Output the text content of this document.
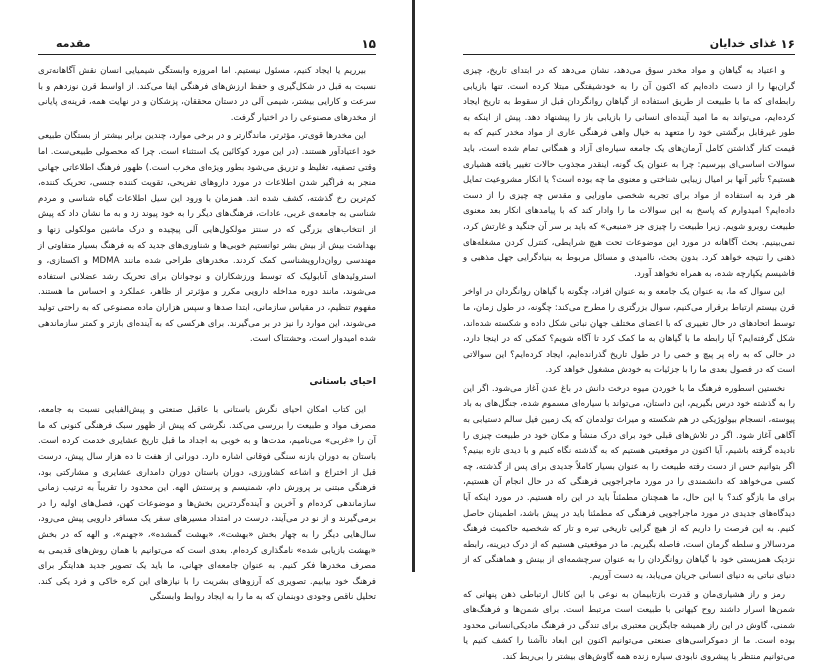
۱۵
مقدمه

بیرریم یا ایجاد کنیم، مسئول نیستیم. اما امروزه وابستگی شیمیایی انسان نقش آگاهانه‌تری نسبت به قبل در شکل‌گیری و حفظ ارزش‌های فرهنگی ایفا می‌کند. از اواسط قرن نوزدهم و با سرعت و کارایی بیشتر، شیمی آلی در دستان محققان، پزشکان و در نهایت همه، قرینه‌ی پایانی از مخدرهای مصنوعی را در اختیار گرفت.

این مخدرها قوی‌تر، مؤثرتر، ماندگارتر و در برخی موارد، چندین برابر بیشتر از بستگان طبیعی خود اعتیادآور هستند. (در این مورد کوکائین یک استثناء است. چرا که محصولی طبیعی‌ست. اما وقتی تصفیه، تغلیظ و تزریق می‌شود بطور ویژه‌ای مخرب است.) ظهور فرهنگ اطلاعاتی جهانی منجر به فراگیر شدن اطلاعات در مورد داروهای تفریحی، تقویت کننده جنسی، تحریک کننده، کم‌ترین رخ گذشته، کشف شده اند. همزمان با ورود این سیل اطلاعات گیاه شناسی و مردم شناسی به جامعه‌ی غربی، عادات، فرهنگ‌های دیگر را به خود پیوند زد و به ما نشان داد که پیش از انتخاب‌های بزرگی که در سنتز مولکول‌هایی آلی پیچیده و درک ماشین مولکولی زنها و بهداشت بیش از بیش بشر توانستیم خوبی‌ها و شناوری‌های جدید که به فرهنگ بسیار متفاوتی از مهندسی روان‌دارویشناسی کمک کردند. مخدرهای طراحی شده مانند MDMA و اکستازی، و استروئیدهای آنابولیک که توسط ورزشکاران و نوجوانان برای تحریک رشد عضلانی استفاده می‌شوند، مانند دوره مداخله دارویی مکرر و مؤثرتر از ظاهر، عملکرد و احساس ما هستند. مفهوم تنظیم، در مقیاس سازمانی، ابتدا صدها و سپس هزاران ماده مصنوعی که به راحتی تولید می‌شوند، این موارد را نیز در بر می‌گیرند. برای هرکسی که به آینده‌ای بازتر و کمتر سازماندهی شده امیدوار است، وحشتناک است.

احیای باستانی

این کتاب امکان احیای نگرش باستانی با عاقبل صنعتی و پیش‌الفبایی نسبت به جامعه، مصرف مواد و طبیعت را بررسی می‌کند. نگرشی که پیش از ظهور سبک فرهنگی کنونی که ما آن را «غربی» می‌نامیم، مدت‌ها و به خوبی به اجداد ما قبل تاریخ عشایری خدمت کرده است. باستان به دوران بازنه سنگی فوقانی اشاره دارد. دورانی از هفت تا ده هزار سال پیش، درست قبل از اختراع و اشاعه کشاورزی، دوران باستان دوران دامداری عشایری و مشارکتی بود، فرهنگی مبتنی بر پرورش دام، شمنیسم و پرستش الهه. این محدود را تقریباً به ترتیب زمانی سازماندهی کرده‌ام و آخرین و آینده‌گردترین بخش‌ها و موضوعات کهن، فصل‌های اولیه را در برمی‌گیرند و از نو در می‌آیند، درست در امتداد مسیرهای سفر یک مسافر دارویی پیش می‌رود، سال‌هایی دیگر را به چهار بخش «بهشت»، «بهشت گمشده»، «جهنم»، و الهه که در بخش «بهشت بازیابی شده» نامگذاری کرده‌ام. بعدی است که می‌توانیم با همان روش‌های قدیمی به مصرف مخدرها فکر کنیم. به عنوان جامعه‌ای جهانی، ما باید یک تصویر جدید هدایتگر برای فرهنگ خود بیابیم. تصویری که آرزوهای بشریت را با نیازهای این کره خاکی و فرد یکی کند. تحلیل ناقص وجودی دوبنمان که به ما را به ایجاد روابط وابستگی

۱۶
غذای خدایان

و اعتیاد به گیاهان و مواد مخدر سوق می‌دهد، نشان می‌دهد که در ابتدای تاریخ، چیزی گران‌بها را از دست داده‌ایم که اکنون آن را به خودشیفتگی مبتلا کرده است. تنها بازیابی رابطه‌ای که ما با طبیعت از طریق استفاده از گیاهان روانگردان قبل از سقوط به تاریخ ایجاد کرده‌ایم، می‌تواند به ما امید آینده‌ای انسانی را بازیابی باز را پیشنهاد دهد. پیش از اینکه به طور غیرقابل برگشتی خود را متعهد به خیال واهی فرهنگی عاری از مواد مخدر کنیم که به قیمت کنار گذاشتن کامل آرمان‌های یک جامعه سیاره‌ای آزاد و همگانی تمام شده است، باید سوالات اساسی‌ای بپرسیم: چرا به عنوان یک گونه، اینقدر مجذوب حالات تغییر یافته هشیاری هستیم؟ تأثیر آنها بر امیال زیبایی شناختی و معنوی ما چه بوده است؟ یا انکار مشروعیت تمایل هر فرد به استفاده از مواد برای تجربه شخصی ماورایی و مقدس چه چیزی را از دست داده‌ایم؟ امیدوارم که پاسخ به این سوالات ما را وادار کند که با پیامدهای انکار بعد معنوی طبیعت روبرو شویم. زیرا طبیعت را چیزی جز «منبعی» که باید بر سر آن جنگید و غارتش کرد، نمی‌بینیم. بحث آگاهانه در مورد این موضوعات تحت هیچ شرایطی، کنترل کردن مشغله‌های ذهنی را نتیجه خواهد کرد. بدون بحث، ناامیدی و مسائل مربوط به بنیادگرایی جهل مذهبی و فاشیسم یکپارچه شده، به همراه نخواهد آورد.

این سوال که ما، به عنوان یک جامعه و به عنوان افراد، چگونه با گیاهان روانگردان در اواخر قرن بیستم ارتباط برقرار می‌کنیم، سوال بزرگتری را مطرح می‌کند: چگونه، در طول زمان، ما توسط اتحادهای در حال تغییری که با اعضای مختلف جهان نباتی شکل داده و شکسته شده‌اند، شکل گرفته‌ایم؟ آیا رابطه ما با گیاهان به ما کمک کرد تا آگاه شویم؟ کمکی که در اینجا دارد، در حالی که به راه پر پیچ و خمی را در طول تاریخ گذرانده‌ایم، ایجاد کرده‌ایم؟ این سوالاتی است که در فصول بعدی ما را با جزئیات به خودش مشغول خواهد کرد.

نخستین اسطوره فرهنگ ما با خوردن میوه درخت دانش در باغ عدن آغاز می‌شود. اگر این را به گذشته خود درس بگیریم، این داستان، می‌تواند با سیاره‌ای مسموم شده، جنگل‌های به باد پیوسته، انسجام بیولوژیکی در هم شکسته و میراث تولدمان که یک زمین فیل سالم دستیابی به آگاهی آغاز شود. اگر در تلاش‌های قبلی خود برای درک منشأ و مکان خود در طبیعت چیزی را نادیده گرفته باشیم، آیا اکنون در موقعیتی هستیم که به گذشته نگاه کنیم و با دیدی تازه بینیم؟ اگر بتوانیم حس از دست رفته طبیعت را به عنوان بسیار کاملاً جدیدی برای پس از گذشته، چه کسی می‌خواهد که دانشمندی را در مورد ماجراجویی فرهنگی که در حال انجام آن هستیم، برای ما بازگو کند؟ با این حال، ما همچنان مطمئناً باید در این راه هستیم. در مورد اینکه آیا دیدگاه‌های جدیدی در مورد ماجراجویی فرهنگی که مطمئنا باید در پیش باشد، اطمینان حاصل کنیم. به این فرصت را داریم که از هیچ گرایی تاریخی تیره و تار که شخصیه حاکمیت فرهنگ مردسالار و سلطه گرمان است، فاصله بگیریم. ما در موقعیتی هستیم که از درک دیرینه، رابطه نزدیک همزیستی خود با گیاهان روانگردان را به عنوان سرچشمه‌ای از بینش و هماهنگی که از دنیای نباتی به دنیای انسانی جریان می‌یابد، به دست آوریم.

رمز و راز هشیاری‌مان و قدرت بازتابیمان به نوعی با این کانال ارتباطی ذهن پنهانی که شمن‌ها اسرار داشند روح کیهانی با طبیعت است مرتبط است. برای شمن‌ها و فرهنگ‌های شمنی، گاوش در این راز همیشه جایگزین معتبری برای تندگی در فرهنگ مادیکی‌انسانی محدود بوده است. ما از دموکراسی‌های صنعتی می‌توانیم اکنون این ابعاد ناآشنا را کشف کنیم یا می‌توانیم منتظر با پیشروی نابودی سیاره زنده همه گاوش‌های بیشتر را بی‌ربط کند.
